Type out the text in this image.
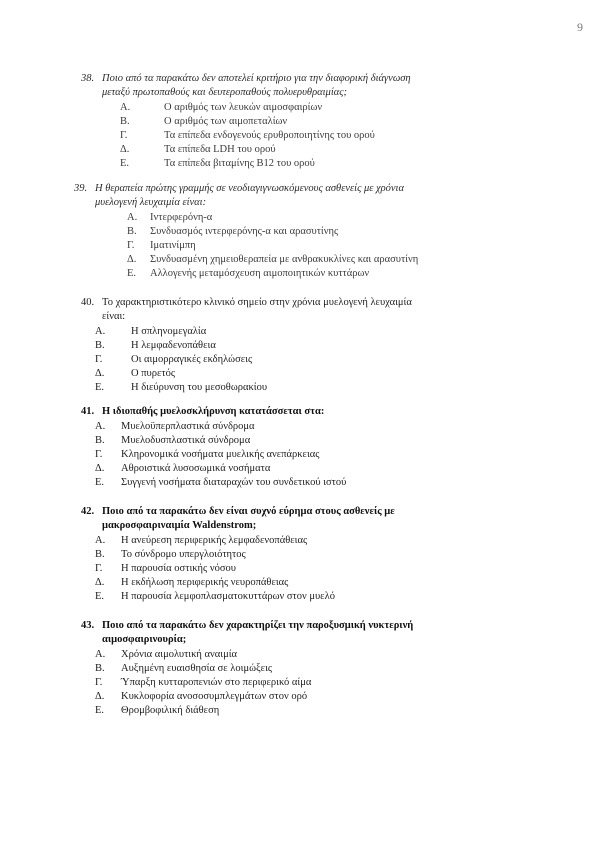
9

38. Ποιο από τα παρακάτω δεν αποτελεί κριτήριο για την διαφορική διάγνωση μεταξύ πρωτοπαθούς και δευτεροπαθούς πολυερυθραιμίας;

A.	Ο αριθμός των λευκών αιμοσφαιρίων
B.	Ο αριθμός των αιμοπεταλίων
Γ.	Τα επίπεδα ενδογενούς ερυθροποιητίνης του ορού
Δ.	Τα επίπεδα LDH του ορού
E.	Τα επίπεδα βιταμίνης B12 του ορού

39. Η θεραπεία πρώτης γραμμής σε νεοδιαγιγνωσκόμενους ασθενείς με χρόνια μυελογενή λευχαιμία είναι:

A. Ιντερφερόνη-α
B. Συνδυασμός ιντερφερόνης-α και αρασυτίνης
Γ. Ιματινίμπη
Δ. Συνδυασμένη χημειοθεραπεία με ανθρακυκλίνες και αρασυτίνη
E. Αλλογενής μεταμόσχευση αιμοποιητικών κυττάρων

40. Το χαρακτηριστικότερο κλινικό σημείο στην χρόνια μυελογενή λευχαιμία είναι:

A. Η σπληνομεγαλία
B.	Η λεμφαδενοπάθεια
Γ.	Οι αιμορραγικές εκδηλώσεις
Δ.	Ο πυρετός
E.	Η διεύρυνση του μεσοθωρακίου

41. Η ιδιοπαθής μυελοσκλήρυνση κατατάσσεται στα:

A. Μυελοϋπερπλαστικά σύνδρομα
B. Μυελοδυσπλαστικά σύνδρομα
Γ. Κληρονομικά νοσήματα μυελικής ανεπάρκειας
Δ. Αθροιστικά λυσοσωμικά νοσήματα
E. Συγγενή νοσήματα διαταραχών του συνδετικού ιστού

42. Ποιο από τα παρακάτω δεν είναι συχνό εύρημα στους ασθενείς με μακροσφαιριναιμία Waldenstrom;

A. Η ανεύρεση περιφερικής λεμφαδενοπάθειας
B. Το σύνδρομο υπεργλοιότητος
Γ. Η παρουσία οστικής νόσου
Δ. Η εκδήλωση περιφερικής νευροπάθειας
E. Η παρουσία λεμφοπλασματοκυττάρων στον μυελό

43. Ποιο από τα παρακάτω δεν χαρακτηρίζει την παροξυσμική νυκτερινή αιμοσφαιρινουρία;

A. Χρόνια αιμολυτική αναιμία
B. Αυξημένη ευαισθησία σε λοιμώξεις
Γ. Ύπαρξη κυτταροπενιών στο περιφερικό αίμα
Δ. Κυκλοφορία ανοσοσυμπλεγμάτων στον ορό
E. Θρομβοφιλική διάθεση
